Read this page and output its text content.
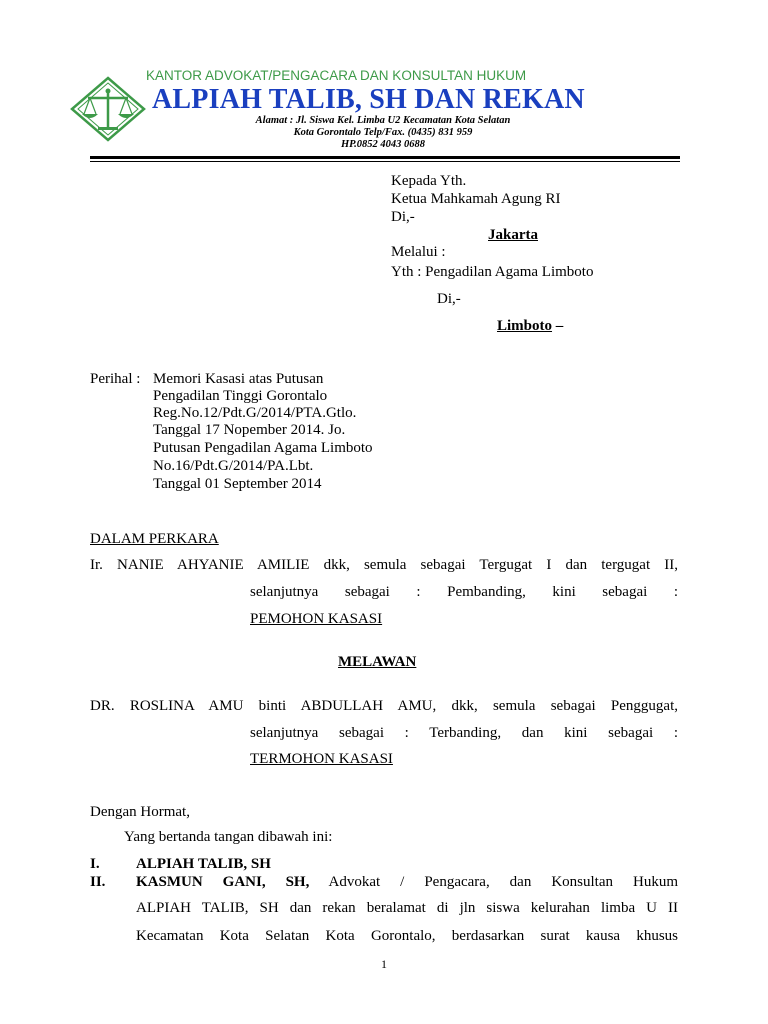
KANTOR ADVOKAT/PENGACARA DAN KONSULTAN HUKUM
ALPIAH TALIB, SH DAN REKAN
Alamat : Jl. Siswa Kel. Limba U2 Kecamatan Kota Selatan
Kota Gorontalo Telp/Fax. (0435) 831 959
HP.0852 4043 0688
Kepada Yth.
Ketua Mahkamah Agung RI
Di,-
Jakarta
Melalui :
Yth : Pengadilan Agama Limboto
Di,-
Limboto –
Perihal : Memori Kasasi atas Putusan
Pengadilan Tinggi Gorontalo
Reg.No.12/Pdt.G/2014/PTA.Gtlo.
Tanggal 17 Nopember 2014. Jo.
Putusan Pengadilan Agama Limboto
No.16/Pdt.G/2014/PA.Lbt.
Tanggal 01 September 2014
DALAM PERKARA
Ir. NANIE AHYANIE AMILIE dkk, semula sebagai Tergugat I dan tergugat II,
selanjutnya sebagai : Pembanding, kini sebagai :
PEMOHON KASASI
MELAWAN
DR. ROSLINA AMU binti ABDULLAH AMU, dkk, semula sebagai Penggugat,
selanjutnya sebagai : Terbanding, dan kini sebagai :
TERMOHON KASASI
Dengan Hormat,
Yang bertanda tangan dibawah ini:
I. ALPIAH TALIB, SH
II. KASMUN GANI, SH, Advokat / Pengacara, dan Konsultan Hukum
ALPIAH TALIB, SH dan rekan beralamat di jln siswa kelurahan limba U II
Kecamatan Kota Selatan Kota Gorontalo, berdasarkan surat kausa khusus
1
